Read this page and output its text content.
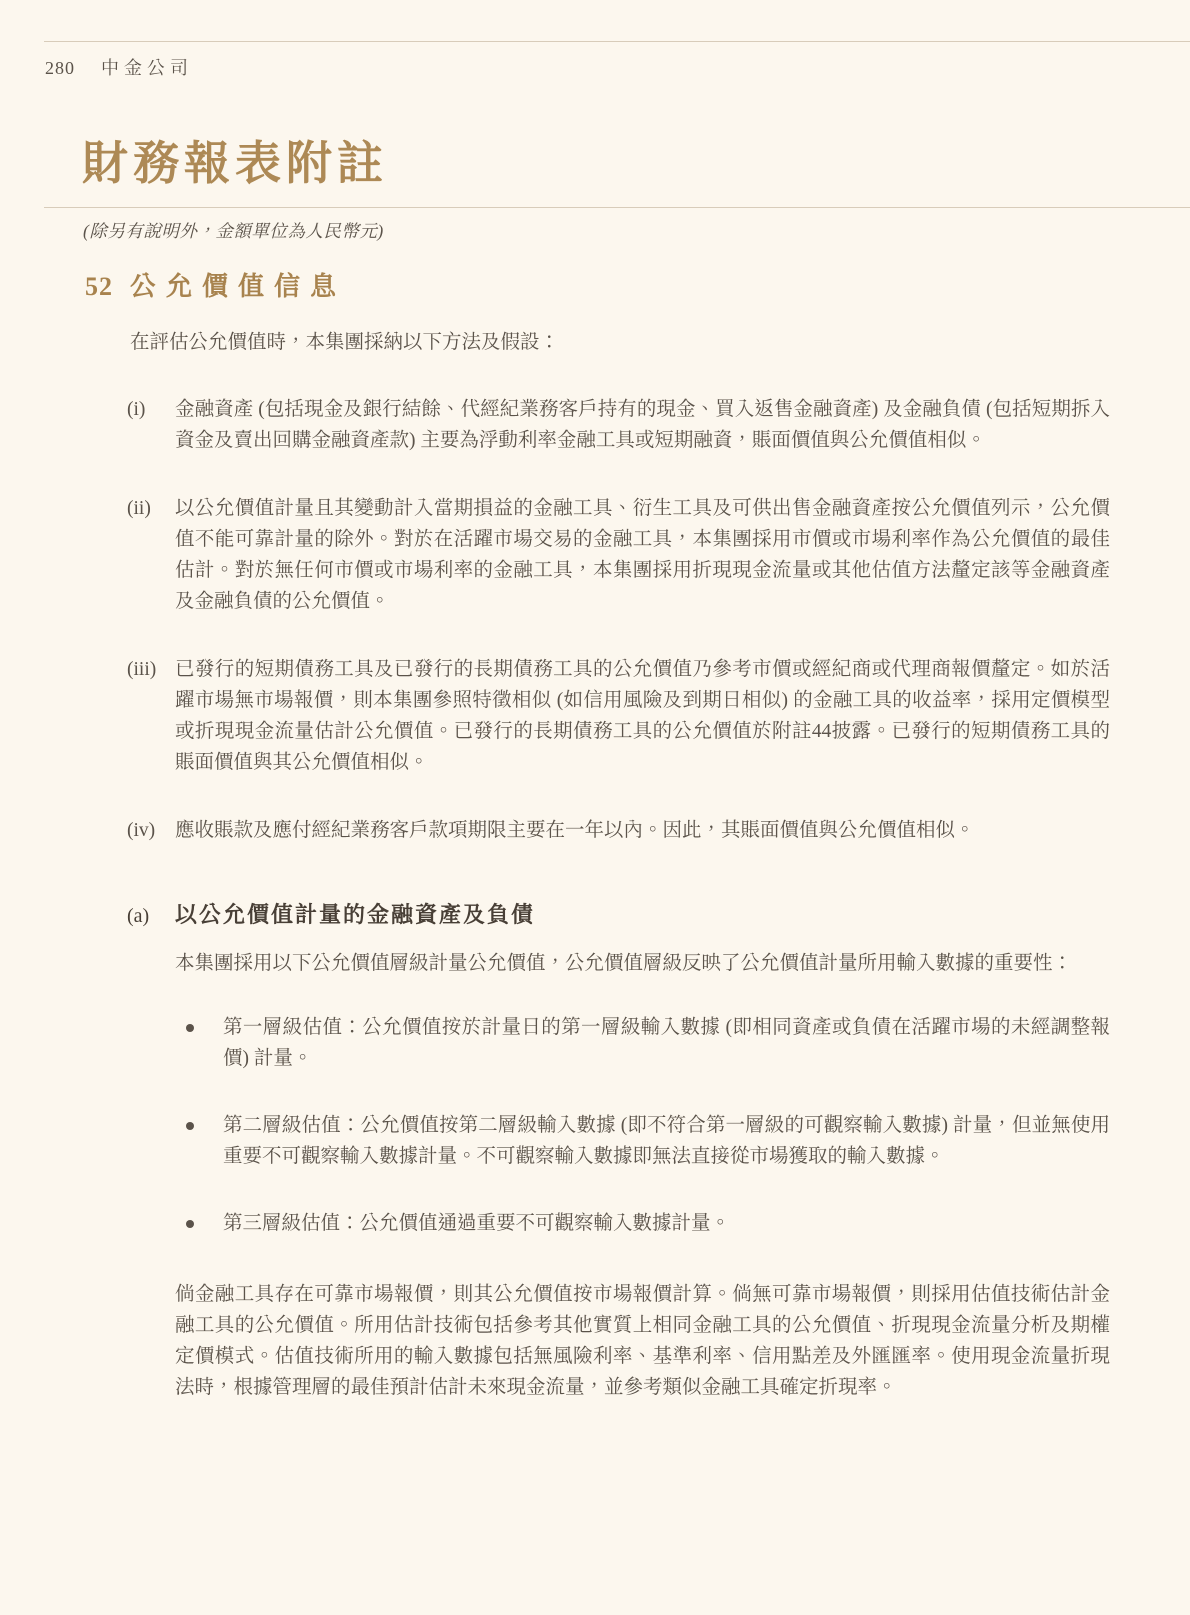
280 中金公司
財務報表附註
(除另有說明外，金額單位為人民幣元)
52 公允價值信息

在評估公允價值時，本集團採納以下方法及假設：

(i)	金融資產 (包括現金及銀行結餘、代經紀業務客戶持有的現金、買入返售金融資產) 及金融負債 (包括短期拆入資金及賣出回購金融資產款) 主要為浮動利率金融工具或短期融資，賬面價值與公允價值相似。
(ii)	以公允價值計量且其變動計入當期損益的金融工具、衍生工具及可供出售金融資產按公允價值列示，公允價值不能可靠計量的除外。對於在活躍市場交易的金融工具，本集團採用市價或市場利率作為公允價值的最佳估計。對於無任何市價或市場利率的金融工具，本集團採用折現現金流量或其他估值方法釐定該等金融資產及金融負債的公允價值。
(iii) 已發行的短期債務工具及已發行的長期債務工具的公允價值乃參考市價或經紀商或代理商報價釐定。如於活躍市場無市場報價，則本集團參照特徵相似 (如信用風險及到期日相似) 的金融工具的收益率，採用定價模型或折現現金流量估計公允價值。已發行的長期債務工具的公允價值於附註44披露。已發行的短期債務工具的賬面價值與其公允價值相似。
(iv)	應收賬款及應付經紀業務客戶款項期限主要在一年以內。因此，其賬面價值與公允價值相似。
(a)	以公允價值計量的金融資產及負債

本集團採用以下公允價值層級計量公允價值，公允價值層級反映了公允價值計量所用輸入數據的重要性：

第一層級估值：公允價值按於計量日的第一層級輸入數據 (即相同資產或負債在活躍市場的未經調整報價) 計量。
第二層級估值：公允價值按第二層級輸入數據 (即不符合第一層級的可觀察輸入數據) 計量，但並無使用重要不可觀察輸入數據計量。不可觀察輸入數據即無法直接從市場獲取的輸入數據。
第三層級估值：公允價值通過重要不可觀察輸入數據計量。

倘金融工具存在可靠市場報價，則其公允價值按市場報價計算。倘無可靠市場報價，則採用估值技術估計金融工具的公允價值。所用估計技術包括參考其他實質上相同金融工具的公允價值、折現現金流量分析及期權定價模式。估值技術所用的輸入數據包括無風險利率、基準利率、信用點差及外匯匯率。使用現金流量折現法時，根據管理層的最佳預計估計未來現金流量，並參考類似金融工具確定折現率。
